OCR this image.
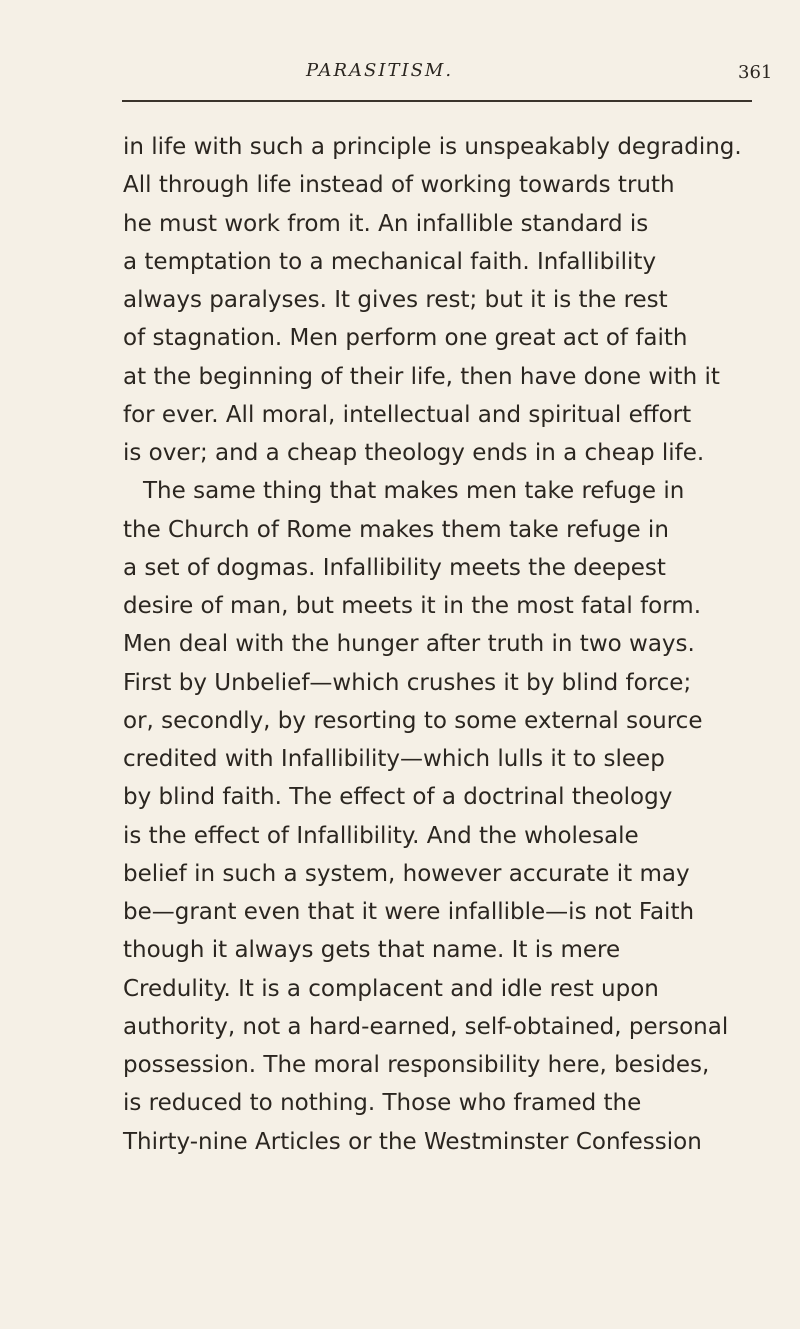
PARASITISM.	361
in life with such a principle is unspeakably degrading.
All through life instead of working towards truth
he must work from it. An infallible standard is
a temptation to a mechanical faith. Infallibility
always paralyses. It gives rest; but it is the rest
of stagnation. Men perform one great act of faith
at the beginning of their life, then have done with it
for ever. All moral, intellectual and spiritual effort
is over; and a cheap theology ends in a cheap life.
The same thing that makes men take refuge in
the Church of Rome makes them take refuge in
a set of dogmas. Infallibility meets the deepest
desire of man, but meets it in the most fatal form.
Men deal with the hunger after truth in two ways.
First by Unbelief—which crushes it by blind force;
or, secondly, by resorting to some external source
credited with Infallibility—which lulls it to sleep
by blind faith. The effect of a doctrinal theology
is the effect of Infallibility. And the wholesale
belief in such a system, however accurate it may
be—grant even that it were infallible—is not Faith
though it always gets that name. It is mere
Credulity. It is a complacent and idle rest upon
authority, not a hard-earned, self-obtained, personal
possession. The moral responsibility here, besides,
is reduced to nothing. Those who framed the
Thirty-nine Articles or the Westminster Confession
